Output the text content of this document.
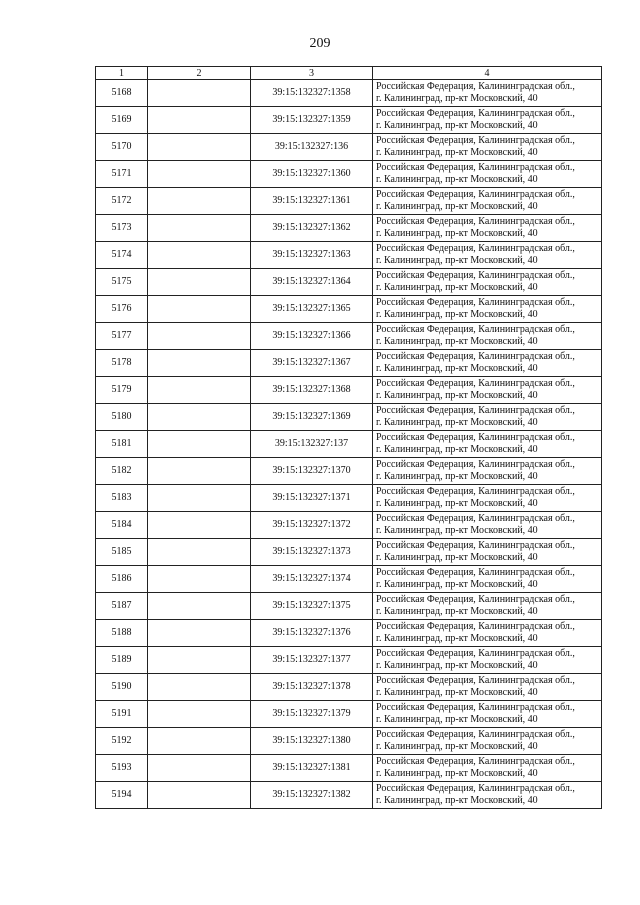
209
1	2	3	4
5168		39:15:132327:1358	Российская Федерация, Калининградская обл.,
г. Калининград, пр-кт Московский, 40

5169		39:15:132327:1359	Российская Федерация, Калининградская обл.,
г. Калининград, пр-кт Московский, 40

5170		39:15:132327:136	Российская Федерация, Калининградская обл.,
г. Калининград, пр-кт Московский, 40

5171		39:15:132327:1360	Российская Федерация, Калининградская обл.,
г. Калининград, пр-кт Московский, 40

5172		39:15:132327:1361	Российская Федерация, Калининградская обл.,
г. Калининград, пр-кт Московский, 40

5173		39:15:132327:1362	Российская Федерация, Калининградская обл.,
г. Калининград, пр-кт Московский, 40

5174		39:15:132327:1363	Российская Федерация, Калининградская обл.,
г. Калининград, пр-кт Московский, 40

5175		39:15:132327:1364	Российская Федерация, Калининградская обл.,
г. Калининград, пр-кт Московский, 40

5176		39:15:132327:1365	Российская Федерация, Калининградская обл.,
г. Калининград, пр-кт Московский, 40

5177		39:15:132327:1366	Российская Федерация, Калининградская обл.,
г. Калининград, пр-кт Московский, 40

5178		39:15:132327:1367	Российская Федерация, Калининградская обл.,
г. Калининград, пр-кт Московский, 40

5179		39:15:132327:1368	Российская Федерация, Калининградская обл.,
г. Калининград, пр-кт Московский, 40

5180		39:15:132327:1369	Российская Федерация, Калининградская обл.,
г. Калининград, пр-кт Московский, 40

5181		39:15:132327:137	Российская Федерация, Калининградская обл.,
г. Калининград, пр-кт Московский, 40

5182		39:15:132327:1370	Российская Федерация, Калининградская обл.,
г. Калининград, пр-кт Московский, 40

5183		39:15:132327:1371	Российская Федерация, Калининградская обл.,
г. Калининград, пр-кт Московский, 40

5184		39:15:132327:1372	Российская Федерация, Калининградская обл.,
г. Калининград, пр-кт Московский, 40

5185		39:15:132327:1373	Российская Федерация, Калининградская обл.,
г. Калининград, пр-кт Московский, 40

5186		39:15:132327:1374	Российская Федерация, Калининградская обл.,
г. Калининград, пр-кт Московский, 40

5187		39:15:132327:1375	Российская Федерация, Калининградская обл.,
г. Калининград, пр-кт Московский, 40

5188		39:15:132327:1376	Российская Федерация, Калининградская обл.,
г. Калининград, пр-кт Московский, 40

5189		39:15:132327:1377	Российская Федерация, Калининградская обл.,
г. Калининград, пр-кт Московский, 40

5190		39:15:132327:1378	Российская Федерация, Калининградская обл.,
г. Калининград, пр-кт Московский, 40

5191		39:15:132327:1379	Российская Федерация, Калининградская обл.,
г. Калининград, пр-кт Московский, 40

5192		39:15:132327:1380	Российская Федерация, Калининградская обл.,
г. Калининград, пр-кт Московский, 40

5193		39:15:132327:1381	Российская Федерация, Калининградская обл.,
г. Калининград, пр-кт Московский, 40

5194		39:15:132327:1382	Российская Федерация, Калининградская обл.,
г. Калининград, пр-кт Московский, 40
